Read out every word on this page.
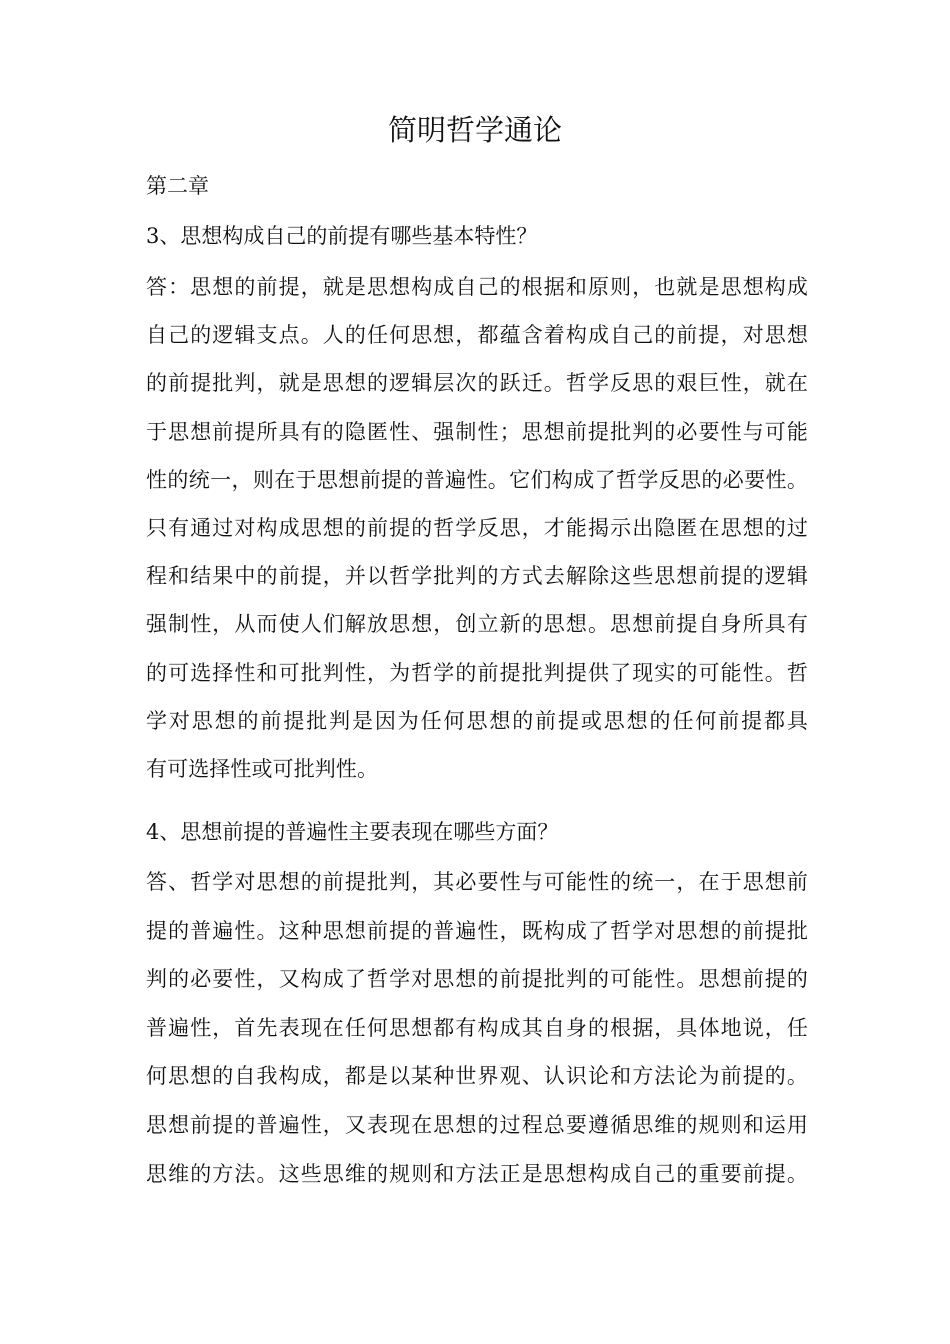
简明哲学通论
第二章
3、思想构成自己的前提有哪些基本特性？
答：思想的前提，就是思想构成自己的根据和原则，也就是思想构成
自己的逻辑支点。人的任何思想，都蕴含着构成自己的前提，对思想
的前提批判，就是思想的逻辑层次的跃迁。哲学反思的艰巨性，就在
于思想前提所具有的隐匿性、强制性；思想前提批判的必要性与可能
性的统一，则在于思想前提的普遍性。它们构成了哲学反思的必要性。
只有通过对构成思想的前提的哲学反思，才能揭示出隐匿在思想的过
程和结果中的前提，并以哲学批判的方式去解除这些思想前提的逻辑
强制性，从而使人们解放思想，创立新的思想。思想前提自身所具有
的可选择性和可批判性，为哲学的前提批判提供了现实的可能性。哲
学对思想的前提批判是因为任何思想的前提或思想的任何前提都具
有可选择性或可批判性。
4、思想前提的普遍性主要表现在哪些方面？
答、哲学对思想的前提批判，其必要性与可能性的统一，在于思想前
提的普遍性。这种思想前提的普遍性，既构成了哲学对思想的前提批
判的必要性，又构成了哲学对思想的前提批判的可能性。思想前提的
普遍性，首先表现在任何思想都有构成其自身的根据，具体地说，任
何思想的自我构成，都是以某种世界观、认识论和方法论为前提的。
思想前提的普遍性，又表现在思想的过程总要遵循思维的规则和运用
思维的方法。这些思维的规则和方法正是思想构成自己的重要前提。
